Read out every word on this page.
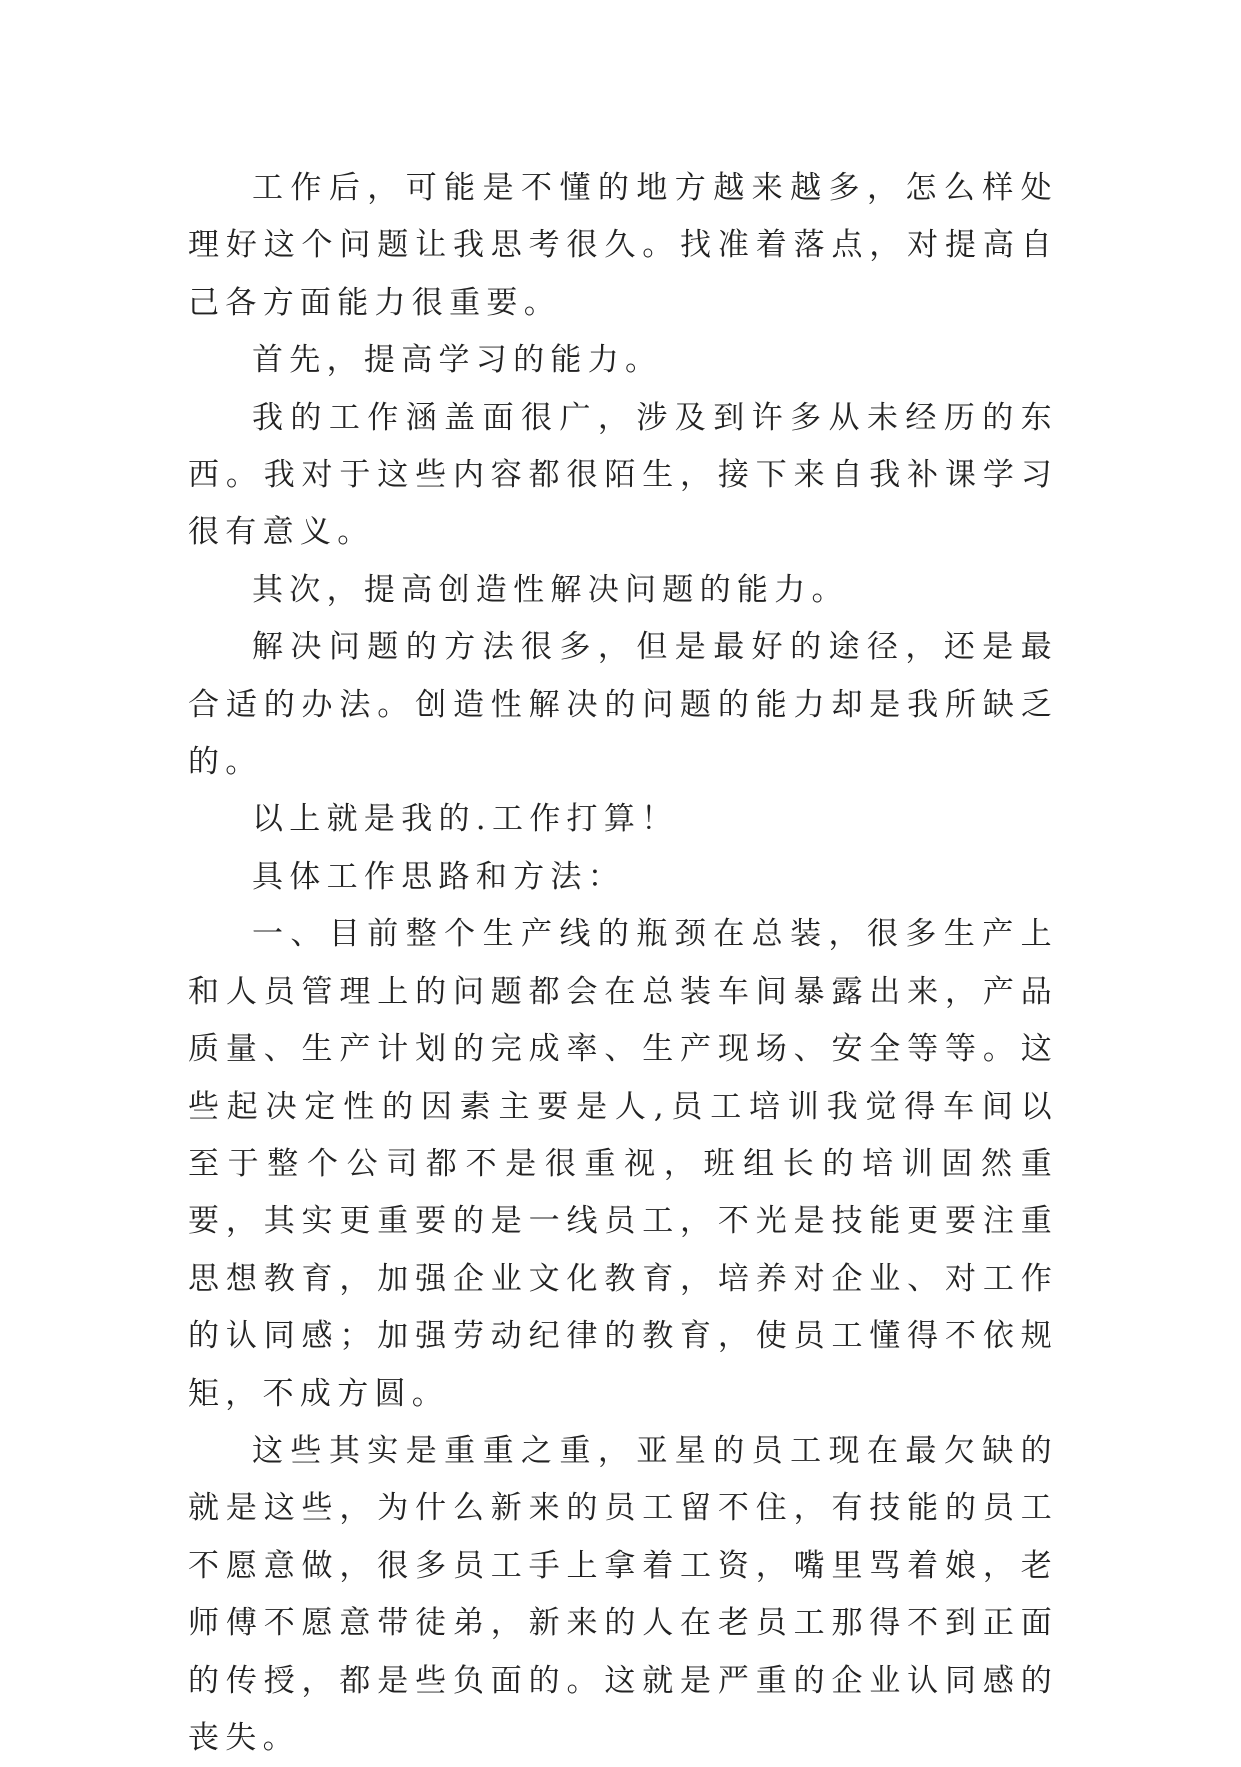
工作后，可能是不懂的地方越来越多，怎么样处理好这个问题让我思考很久。找准着落点，对提高自己各方面能力很重要。

首先，提高学习的能力。

我的工作涵盖面很广，涉及到许多从未经历的东西。我对于这些内容都很陌生，接下来自我补课学习很有意义。

其次，提高创造性解决问题的能力。

解决问题的方法很多，但是最好的途径，还是最合适的办法。创造性解决的问题的能力却是我所缺乏的。

以上就是我的.工作打算！

具体工作思路和方法：

一、目前整个生产线的瓶颈在总装，很多生产上和人员管理上的问题都会在总装车间暴露出来，产品质量、生产计划的完成率、生产现场、安全等等。这些起决定性的因素主要是人,员工培训我觉得车间以至于整个公司都不是很重视，班组长的培训固然重要，其实更重要的是一线员工，不光是技能更要注重思想教育，加强企业文化教育，培养对企业、对工作的认同感；加强劳动纪律的教育，使员工懂得不依规矩，不成方圆。

这些其实是重重之重，亚星的员工现在最欠缺的就是这些，为什么新来的员工留不住，有技能的员工不愿意做，很多员工手上拿着工资，嘴里骂着娘，老师傅不愿意带徒弟，新来的人在老员工那得不到正面的传授，都是些负面的。这就是严重的企业认同感的丧失。
